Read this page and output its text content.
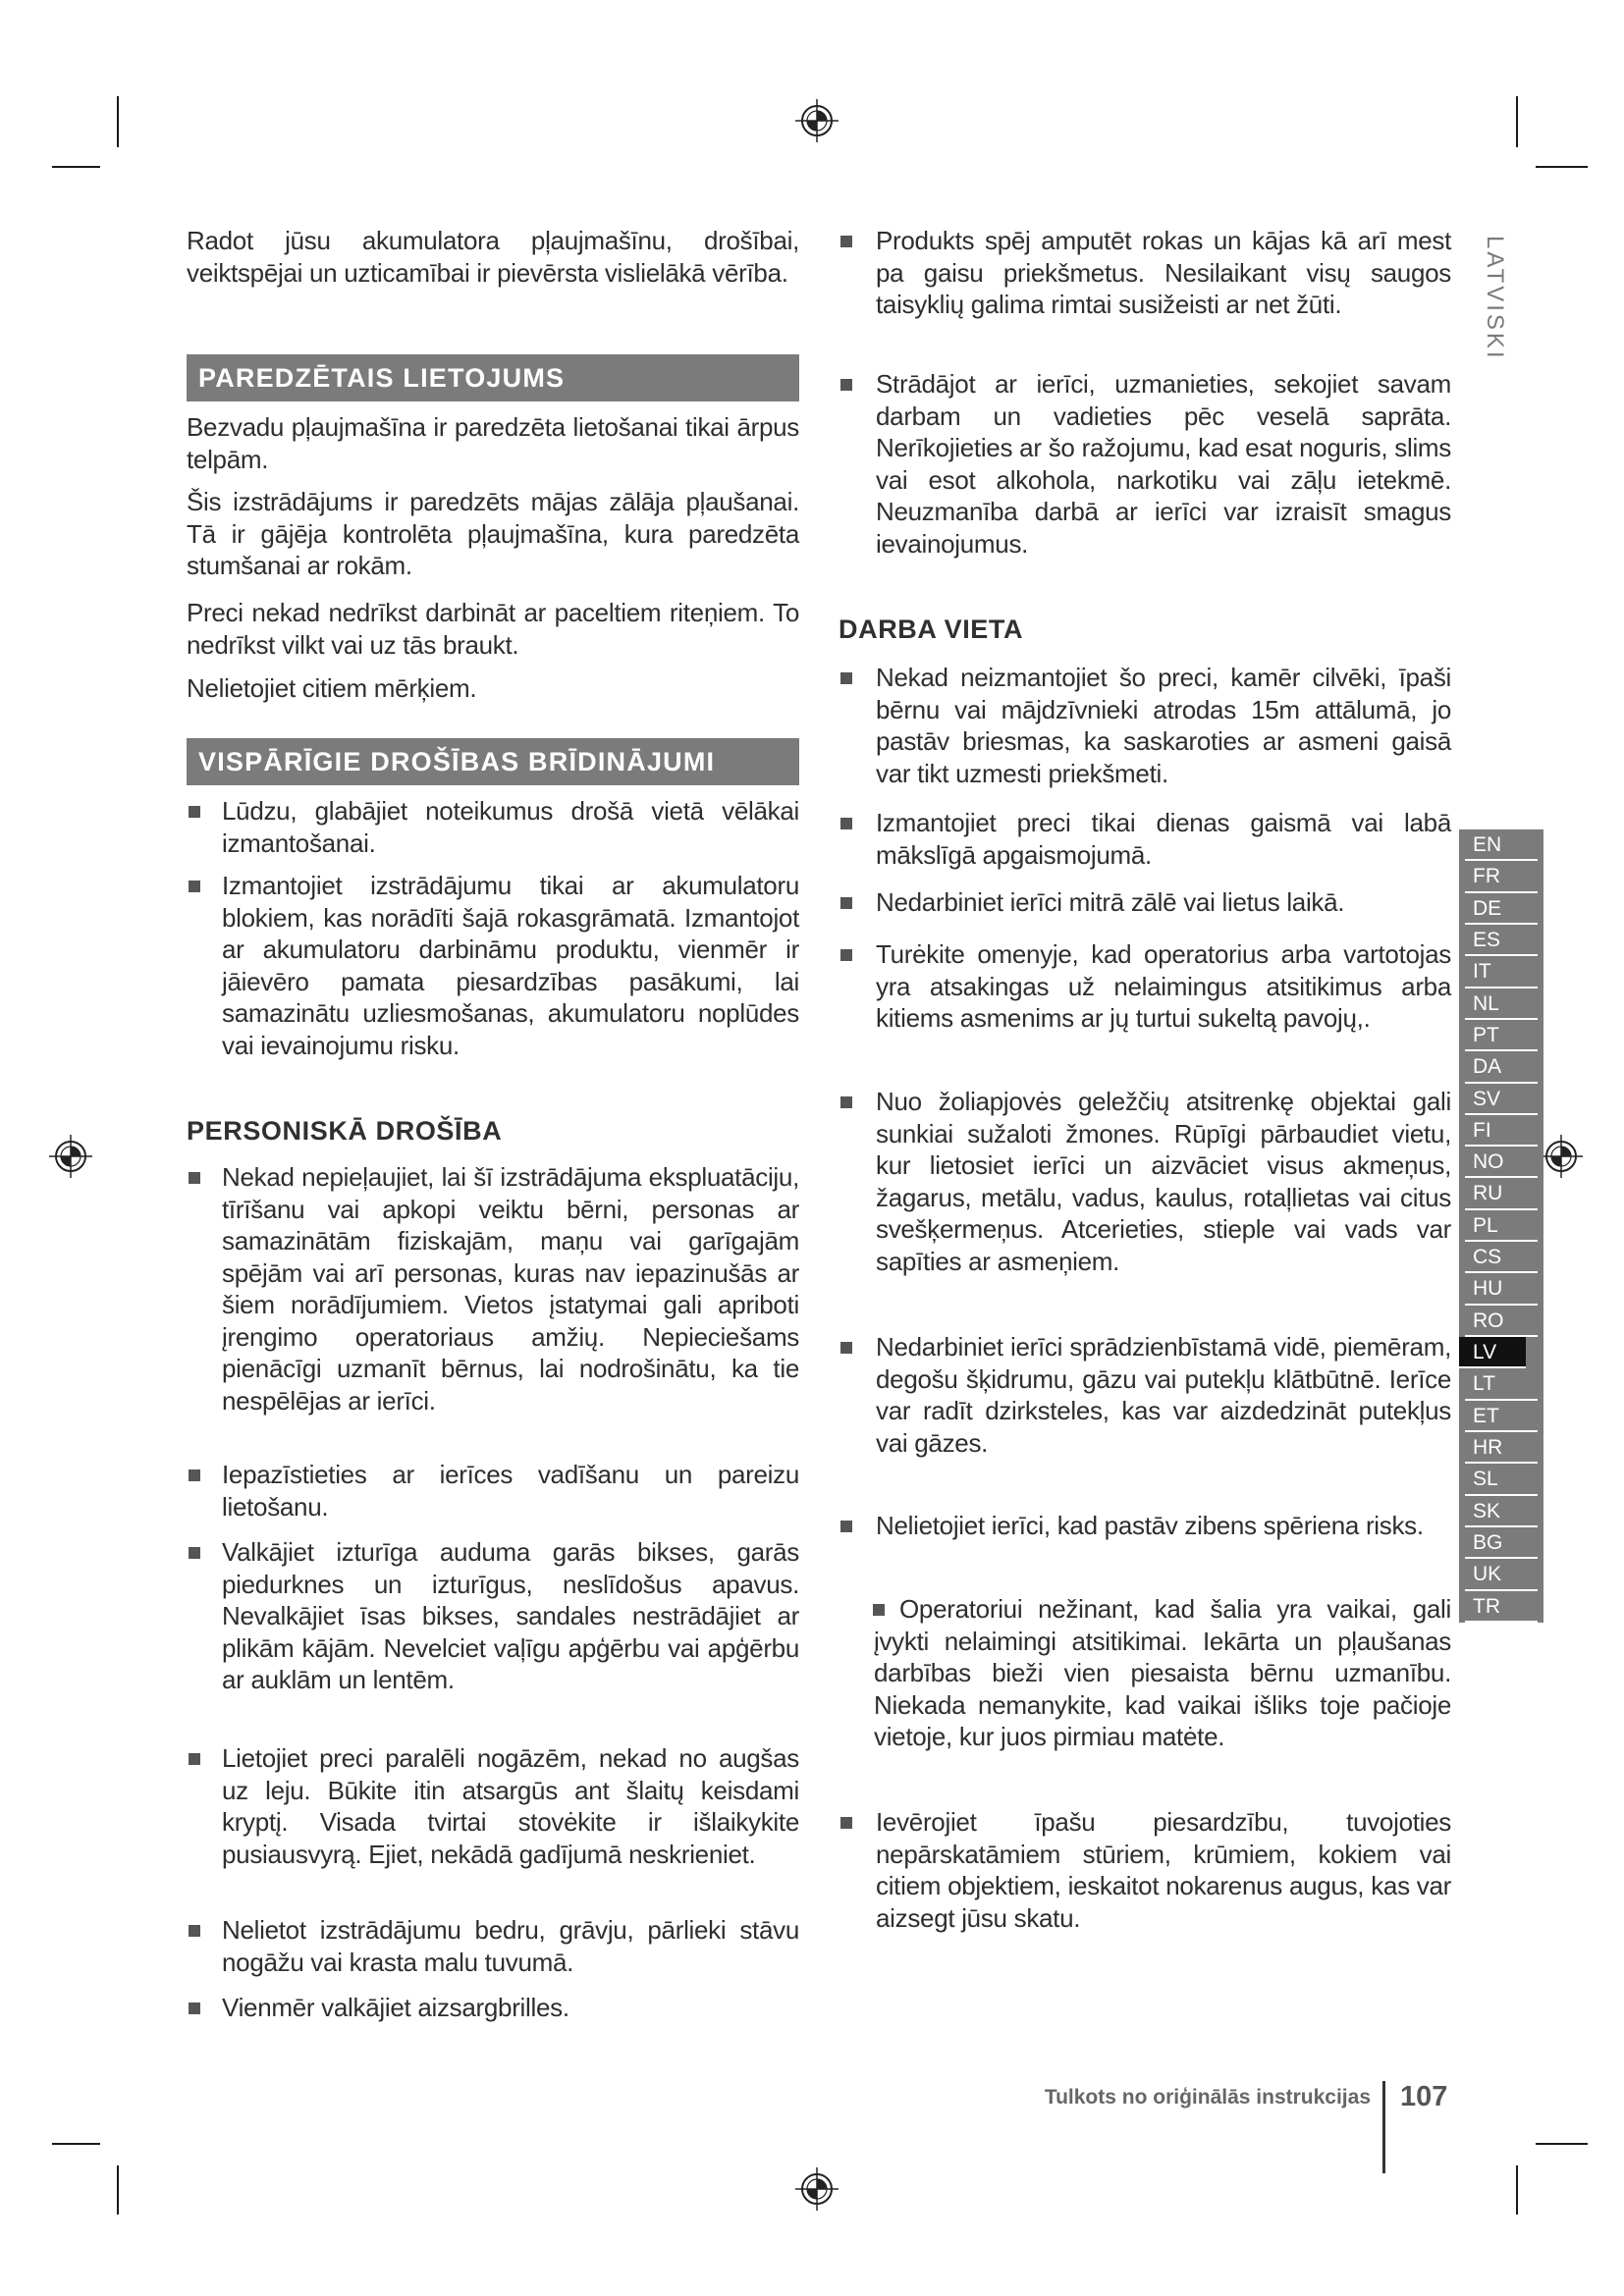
LATVISKI
EN
FR
DE
ES
IT
NL
PT
DA
SV
FI
NO
RU
PL
CS
HU
RO
LV
LT
ET
HR
SL
SK
BG
UK
TR

Radot jūsu akumulatora pļaujmašīnu, drošībai, veiktspējai un uzticamībai ir pievērsta vislielākā vērība.

PAREDZĒTAIS LIETOJUMS

Bezvadu pļaujmašīna ir paredzēta lietošanai tikai ārpus telpām.

Šis izstrādājums ir paredzēts mājas zālāja pļaušanai. Tā ir gājēja kontrolēta pļaujmašīna, kura paredzēta stumšanai ar rokām.

Preci nekad nedrīkst darbināt ar paceltiem riteņiem. To nedrīkst vilkt vai uz tās braukt.

Nelietojiet citiem mērķiem.

VISPĀRĪGIE DROŠĪBAS BRĪDINĀJUMI
Lūdzu, glabājiet noteikumus drošā vietā vēlākai izmantošanai.
Izmantojiet izstrādājumu tikai ar akumulatoru blokiem, kas norādīti šajā rokasgrāmatā. Izmantojot ar akumulatoru darbināmu produktu, vienmēr ir jāievēro pamata piesardzības pasākumi, lai samazinātu uzliesmošanas, akumulatoru noplūdes vai ievainojumu risku.
PERSONISKĀ DROŠĪBA
Nekad nepieļaujiet, lai šī izstrādājuma ekspluatāciju, tīrīšanu vai apkopi veiktu bērni, personas ar samazinātām fiziskajām, maņu vai garīgajām spējām vai arī personas, kuras nav iepazinušās ar šiem norādījumiem. Vietos įstatymai gali apriboti įrengimo operatoriaus amžių. Nepieciešams pienācīgi uzmanīt bērnus, lai nodrošinātu, ka tie nespēlējas ar ierīci.
Iepazīstieties ar ierīces vadīšanu un pareizu lietošanu.
Valkājiet izturīga auduma garās bikses, garās piedurknes un izturīgus, neslīdošus apavus. Nevalkājiet īsas bikses, sandales nestrādājiet ar plikām kājām. Nevelciet vaļīgu apģērbu vai apģērbu ar auklām un lentēm.
Lietojiet preci paralēli nogāzēm, nekad no augšas uz leju. Būkite itin atsargūs ant šlaitų keisdami kryptį. Visada tvirtai stovėkite ir išlaikykite pusiausvyrą. Ejiet, nekādā gadījumā neskrieniet.
Nelietot izstrādājumu bedru, grāvju, pārlieki stāvu nogāžu vai krasta malu tuvumā.
Vienmēr valkājiet aizsargbrilles.
Produkts spēj amputēt rokas un kājas kā arī mest pa gaisu priekšmetus. Nesilaikant visų saugos taisyklių galima rimtai susižeisti ar net žūti.
Strādājot ar ierīci, uzmanieties, sekojiet savam darbam un vadieties pēc veselā saprāta. Nerīkojieties ar šo ražojumu, kad esat noguris, slims vai esot alkohola, narkotiku vai zāļu ietekmē. Neuzmanība darbā ar ierīci var izraisīt smagus ievainojumus.
DARBA VIETA
Nekad neizmantojiet šo preci, kamēr cilvēki, īpaši bērnu vai mājdzīvnieki atrodas 15m attālumā, jo pastāv briesmas, ka saskaroties ar asmeni gaisā var tikt uzmesti priekšmeti.
Izmantojiet preci tikai dienas gaismā vai labā mākslīgā apgaismojumā.
Nedarbiniet ierīci mitrā zālē vai lietus laikā.
Turėkite omenyje, kad operatorius arba vartotojas yra atsakingas už nelaimingus atsitikimus arba kitiems asmenims ar jų turtui sukeltą pavojų,.
Nuo žoliapjovės geležčių atsitrenkę objektai gali sunkiai sužaloti žmones. Rūpīgi pārbaudiet vietu, kur lietosiet ierīci un aizvāciet visus akmeņus, žagarus, metālu, vadus, kaulus, rotaļlietas vai citus svešķermeņus. Atcerieties, stieple vai vads var sapīties ar asmeņiem.
Nedarbiniet ierīci sprādzienbīstamā vidē, piemēram, degošu šķidrumu, gāzu vai putekļu klātbūtnē. Ierīce var radīt dzirksteles, kas var aizdedzināt putekļus vai gāzes.
Nelietojiet ierīci, kad pastāv zibens spēriena risks.
Operatoriui nežinant, kad šalia yra vaikai, gali įvykti nelaimingi atsitikimai. Iekārta un pļaušanas darbības bieži vien piesaista bērnu uzmanību. Niekada nemanykite, kad vaikai išliks toje pačioje vietoje, kur juos pirmiau matėte.
Ievērojiet īpašu piesardzību, tuvojoties nepārskatāmiem stūriem, krūmiem, kokiem vai citiem objektiem, ieskaitot nokarenus augus, kas var aizsegt jūsu skatu.
Tulkots no oriģinālās instrukcijas 107
